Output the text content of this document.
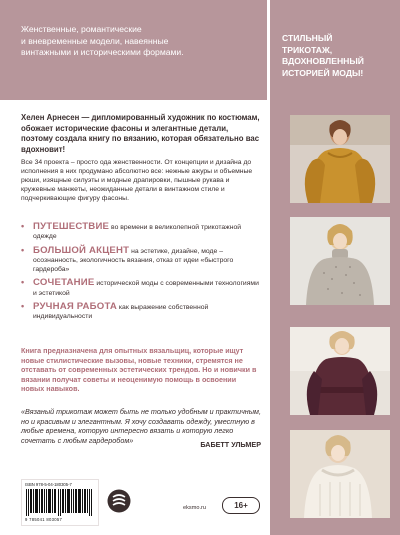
Женственные, романтические
и вневременные модели, навеянные
винтажными и историческими формами.
Хелен Арнесен — дипломированный художник по костюмам, обожает исторические фасоны и элегантные детали, поэтому создала книгу по вязанию, которая обязательно вас вдохновит!
Все 34 проекта – просто ода женственности. От концепции и дизайна до исполнения в них продумано абсолютно все: нежные ажуры и объемные рюши, изящные силуэты и модные драпировки, пышные рукава и кружевные манжеты, неожиданные детали в винтажном стиле и подчеркивающие фигуру фасоны.
• ПУТЕШЕСТВИЕ во времени в великолепной трикотажной одежде
• БОЛЬШОЙ АКЦЕНТ на эстетике, дизайне, моде – осознанность, экологичность вязания, отказ от идеи «быстрого гардероба»
• СОЧЕТАНИЕ исторической моды с современными технологиями и эстетикой
• РУЧНАЯ РАБОТА как выражение собственной индивидуальности
Книга предназначена для опытных вязальщиц, которые ищут новые стилистические вызовы, новые техники, стремятся не отставать от современных эстетических трендов. Но и новички в вязании получат советы и неоценимую помощь в освоении новых навыков.
«Вязаный трикотаж может быть не только удобным и практичным, но и красивым и элегантным. Я хочу создавать одежду, уместную в любые времена, которую интересно вязать и которую легко сочетать с любым гардеробом»	БАБЕТТ УЛЬМЕР
ISBN 978-5-04-180305-7
9 785041 803057
eksmo.ru	16+
СТИЛЬНЫЙ
ТРИКОТАЖ,
ВДОХНОВЛЕННЫЙ
ИСТОРИЕЙ МОДЫ!
